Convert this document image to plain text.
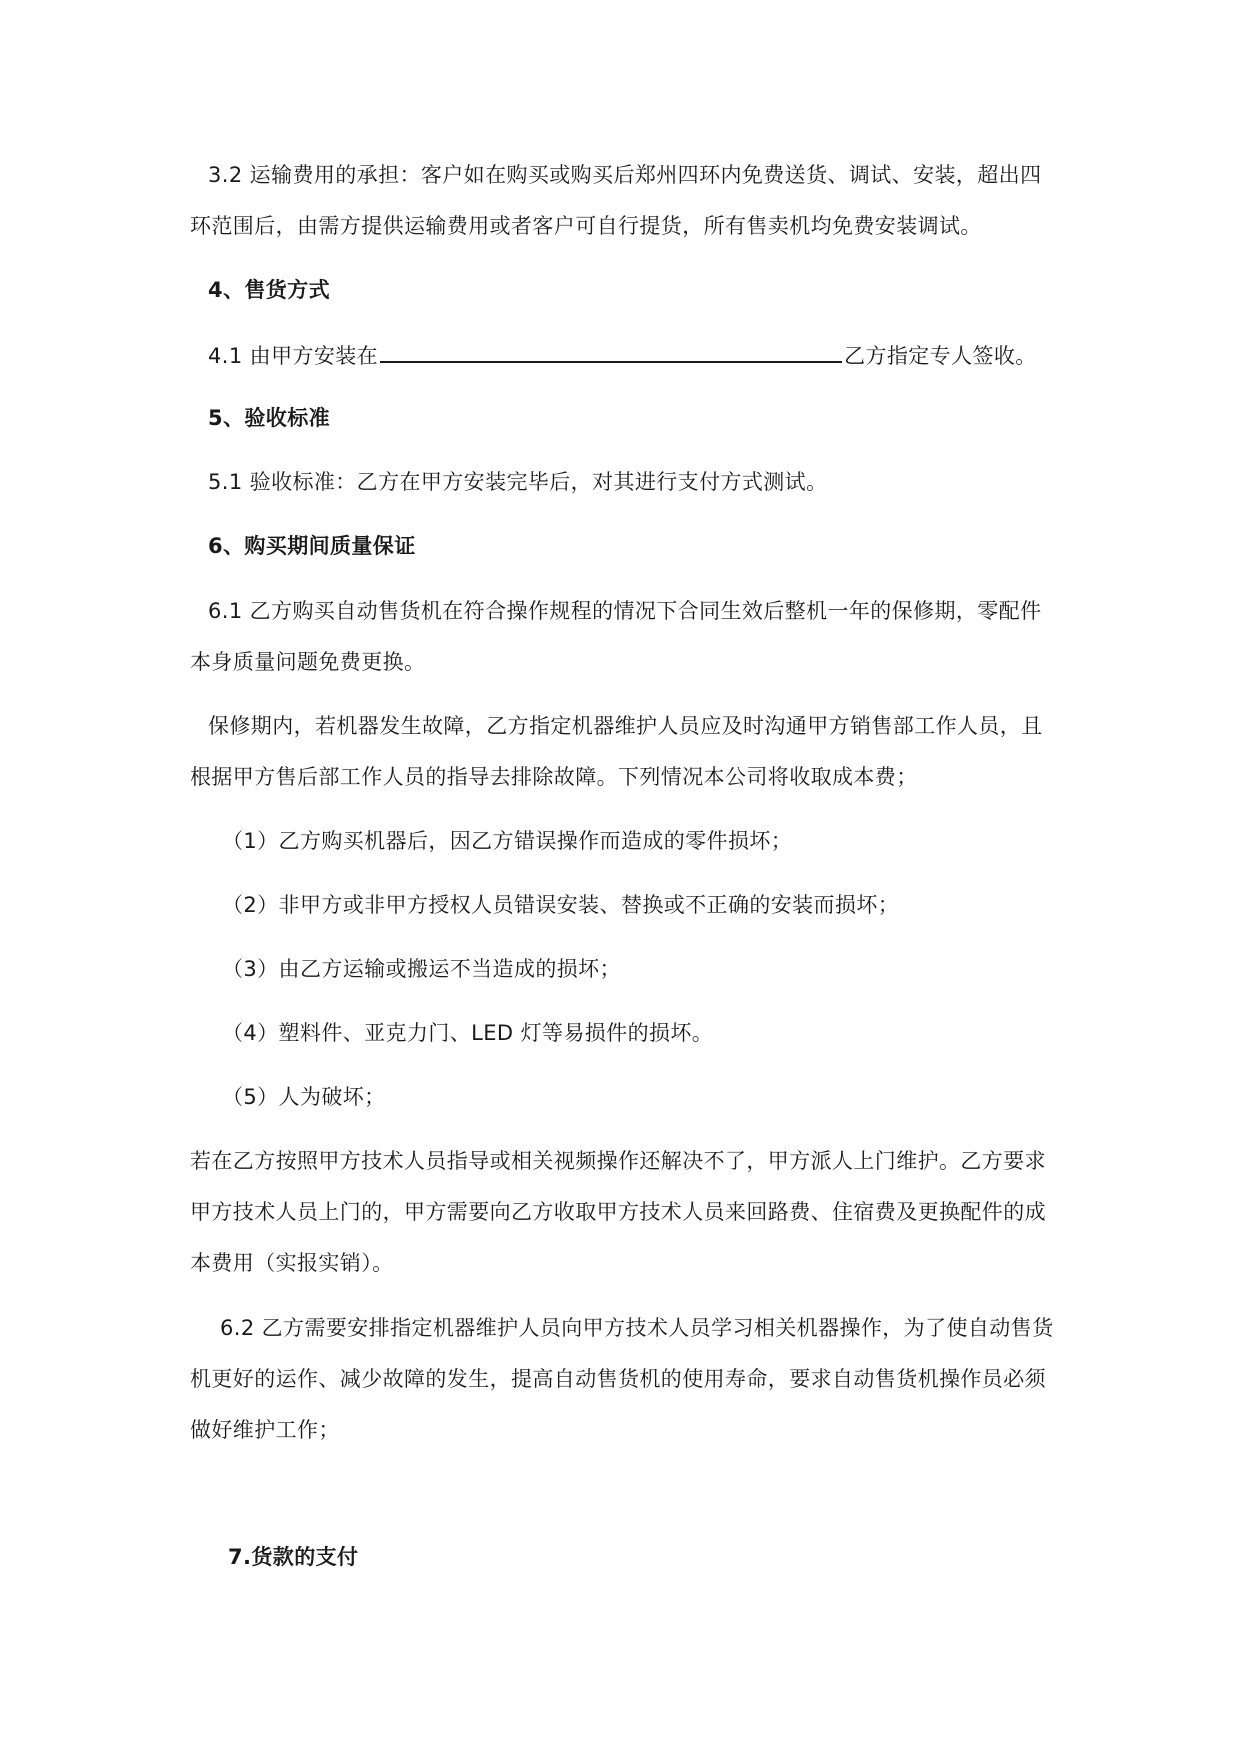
3.2 运输费用的承担：客户如在购买或购买后郑州四环内免费送货、调试、安装，超出四
环范围后，由需方提供运输费用或者客户可自行提货，所有售卖机均免费安装调试。
4、售货方式
4.1 由甲方安装在	乙方指定专人签收。
5、验收标准
5.1 验收标准：乙方在甲方安装完毕后，对其进行支付方式测试。
6、购买期间质量保证
6.1 乙方购买自动售货机在符合操作规程的情况下合同生效后整机一年的保修期，零配件
本身质量问题免费更换。
保修期内，若机器发生故障，乙方指定机器维护人员应及时沟通甲方销售部工作人员，且
根据甲方售后部工作人员的指导去排除故障。下列情况本公司将收取成本费；
（1）乙方购买机器后，因乙方错误操作而造成的零件损坏；
（2）非甲方或非甲方授权人员错误安装、替换或不正确的安装而损坏；
（3）由乙方运输或搬运不当造成的损坏；
（4）塑料件、亚克力门、LED 灯等易损件的损坏。
（5）人为破坏；
若在乙方按照甲方技术人员指导或相关视频操作还解决不了，甲方派人上门维护。乙方要求
甲方技术人员上门的，甲方需要向乙方收取甲方技术人员来回路费、住宿费及更换配件的成
本费用（实报实销）。
6.2 乙方需要安排指定机器维护人员向甲方技术人员学习相关机器操作，为了使自动售货
机更好的运作、减少故障的发生，提高自动售货机的使用寿命，要求自动售货机操作员必须
做好维护工作；
7.货款的支付
